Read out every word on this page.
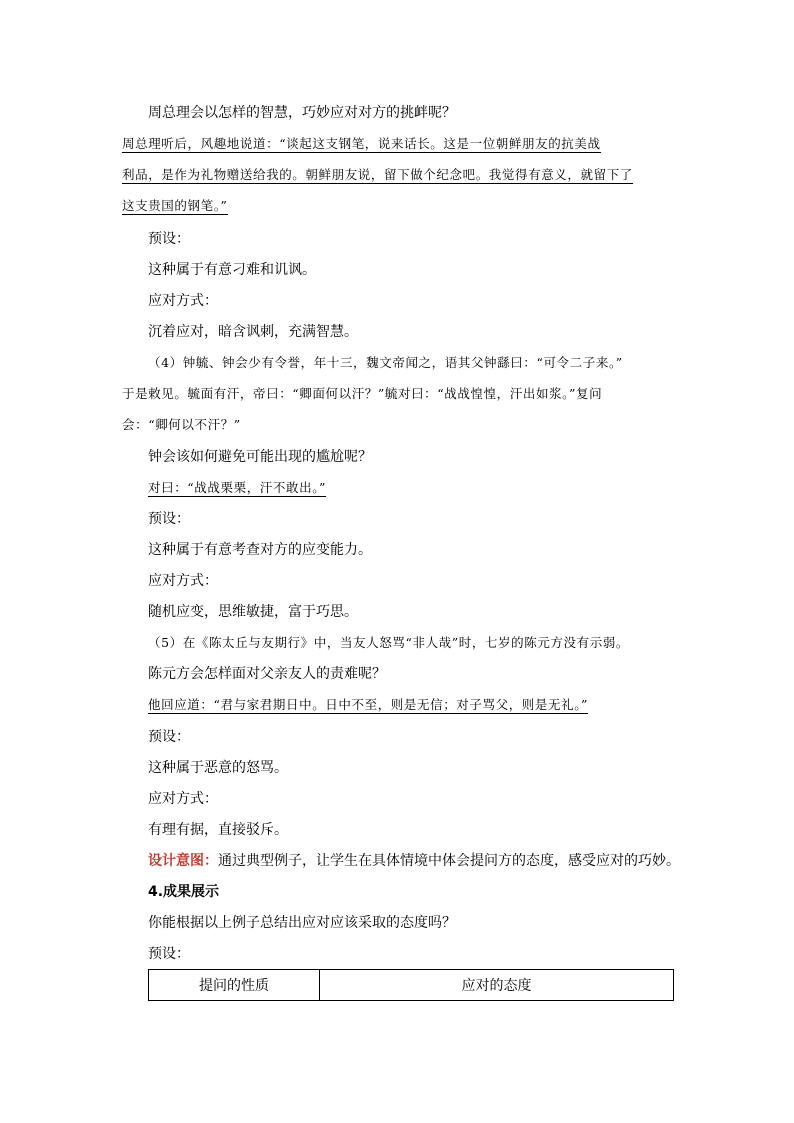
周总理会以怎样的智慧，巧妙应对对方的挑衅呢？
周总理听后，风趣地说道：“谈起这支钢笔，说来话长。这是一位朝鲜朋友的抗美战
利品，是作为礼物赠送给我的。朝鲜朋友说，留下做个纪念吧。我觉得有意义，就留下了
这支贵国的钢笔。”
预设：
这种属于有意刁难和讥讽。
应对方式：
沉着应对，暗含讽刺，充满智慧。
（4）钟毓、钟会少有令誉，年十三，魏文帝闻之，语其父钟繇曰：“可令二子来。”
于是敕见。毓面有汗，帝曰：“卿面何以汗？”毓对曰：“战战惶惶，汗出如浆。”复问
会：“卿何以不汗？”
钟会该如何避免可能出现的尴尬呢？
对曰：“战战栗栗，汗不敢出。”
预设：
这种属于有意考查对方的应变能力。
应对方式：
随机应变，思维敏捷，富于巧思。
（5）在《陈太丘与友期行》中，当友人怒骂“非人哉”时，七岁的陈元方没有示弱。
陈元方会怎样面对父亲友人的责难呢？
他回应道：“君与家君期日中。日中不至，则是无信；对子骂父，则是无礼。”
预设：
这种属于恶意的怒骂。
应对方式：
有理有据，直接驳斥。
设计意图：通过典型例子，让学生在具体情境中体会提问方的态度，感受应对的巧妙。
4.成果展示
你能根据以上例子总结出应对应该采取的态度吗？
预设：
提问的性质	应对的态度
